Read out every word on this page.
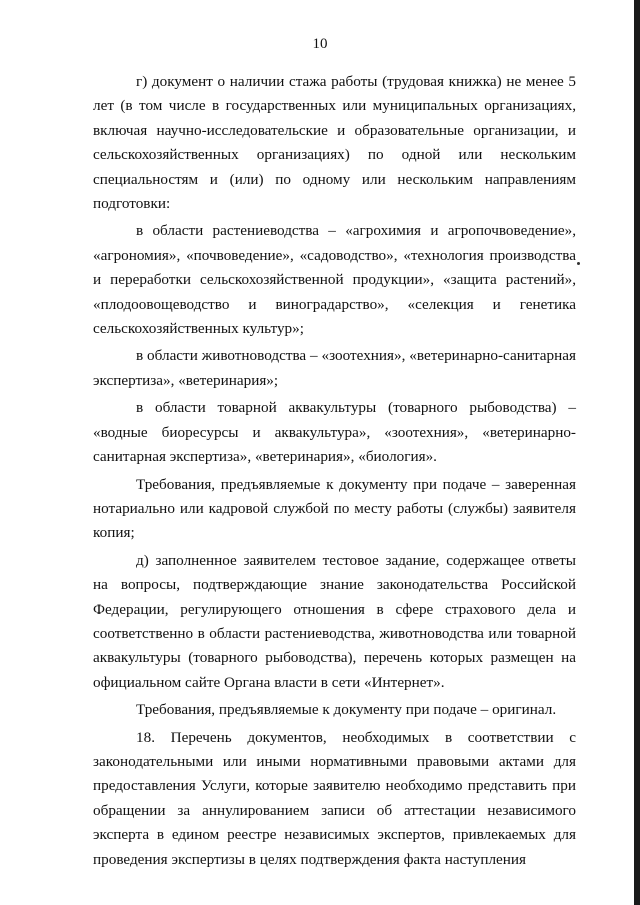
10

г) документ о наличии стажа работы (трудовая книжка) не менее 5 лет (в том числе в государственных или муниципальных организациях, включая научно-исследовательские и образовательные организации, и сельскохозяйственных организациях) по одной или нескольким специальностям и (или) по одному или нескольким направлениям подготовки:

в области растениеводства – «агрохимия и агропочвоведение», «агрономия», «почвоведение», «садоводство», «технология производства и переработки сельскохозяйственной продукции», «защита растений», «плодоовощеводство и виноградарство», «селекция и генетика сельскохозяйственных культур»;

в области животноводства – «зоотехния», «ветеринарно-санитарная экспертиза», «ветеринария»;

в области товарной аквакультуры (товарного рыбоводства) – «водные биоресурсы и аквакультура», «зоотехния», «ветеринарно-санитарная экспертиза», «ветеринария», «биология».

Требования, предъявляемые к документу при подаче – заверенная нотариально или кадровой службой по месту работы (службы) заявителя копия;

д) заполненное заявителем тестовое задание, содержащее ответы на вопросы, подтверждающие знание законодательства Российской Федерации, регулирующего отношения в сфере страхового дела и соответственно в области растениеводства, животноводства или товарной аквакультуры (товарного рыбоводства), перечень которых размещен на официальном сайте Органа власти в сети «Интернет».

Требования, предъявляемые к документу при подаче – оригинал.

18. Перечень документов, необходимых в соответствии с законодательными или иными нормативными правовыми актами для предоставления Услуги, которые заявителю необходимо представить при обращении за аннулированием записи об аттестации независимого эксперта в едином реестре независимых экспертов, привлекаемых для проведения экспертизы в целях подтверждения факта наступления
